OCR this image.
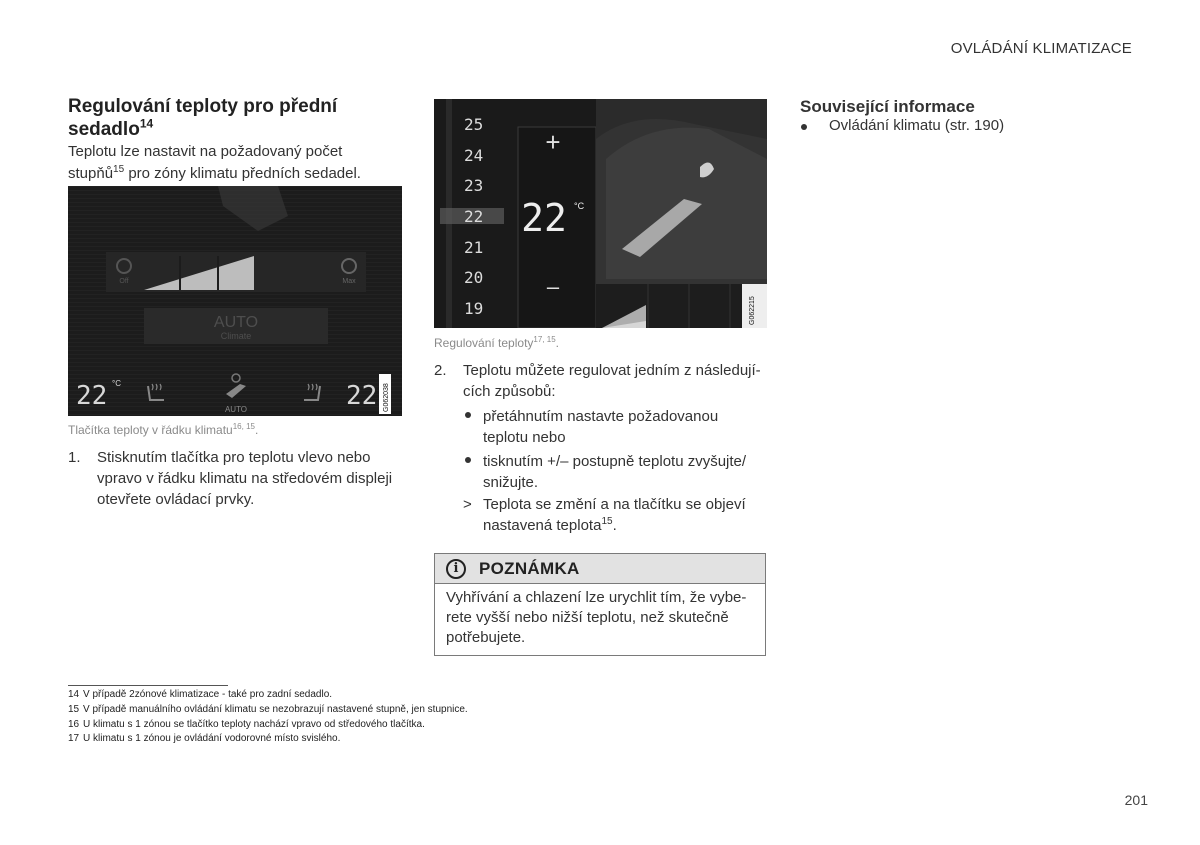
OVLÁDÁNÍ KLIMATIZACE
Regulování teploty pro přední sedadlo$^{14}$
Teplotu lze nastavit na požadovaný počet
stupňů$^{15}$ pro zóny klimatu předních sedadel.
Off	Max
AUTO
Climate
22 °C
AUTO	22 G062038
Tlačítka teploty v řádku klimatu$^{16, 15}$.
1. Stisknutím tlačítka pro teplotu vlevo nebo
vpravo v řádku klimatu na středovém displeji
otevřete ovládací prvky.
25
24
23
22
21
20
19
+
22 °C
–
G062215
Regulování teploty$^{17, 15}$.
2. Teplotu můžete regulovat jedním z následují-
cích způsobů:
přetáhnutím nastavte požadovanou
teplotu nebo
tisknutím +/– postupně teplotu zvyšujte/
snižujte.
> Teplota se změní a na tlačítku se objeví
nastavená teplota$^{15}$.
i	POZNÁMKA
Vyhřívání a chlazení lze urychlit tím, že vybe-
rete vyšší nebo nižší teplotu, než skutečně
potřebujete.
Související informace
Ovládání klimatu (str. 190)
14 V případě 2zónové klimatizace - také pro zadní sedadlo.
15 V případě manuálního ovládání klimatu se nezobrazují nastavené stupně, jen stupnice.
16 U klimatu s 1 zónou se tlačítko teploty nachází vpravo od středového tlačítka.
17 U klimatu s 1 zónou je ovládání vodorovné místo svislého.
201
